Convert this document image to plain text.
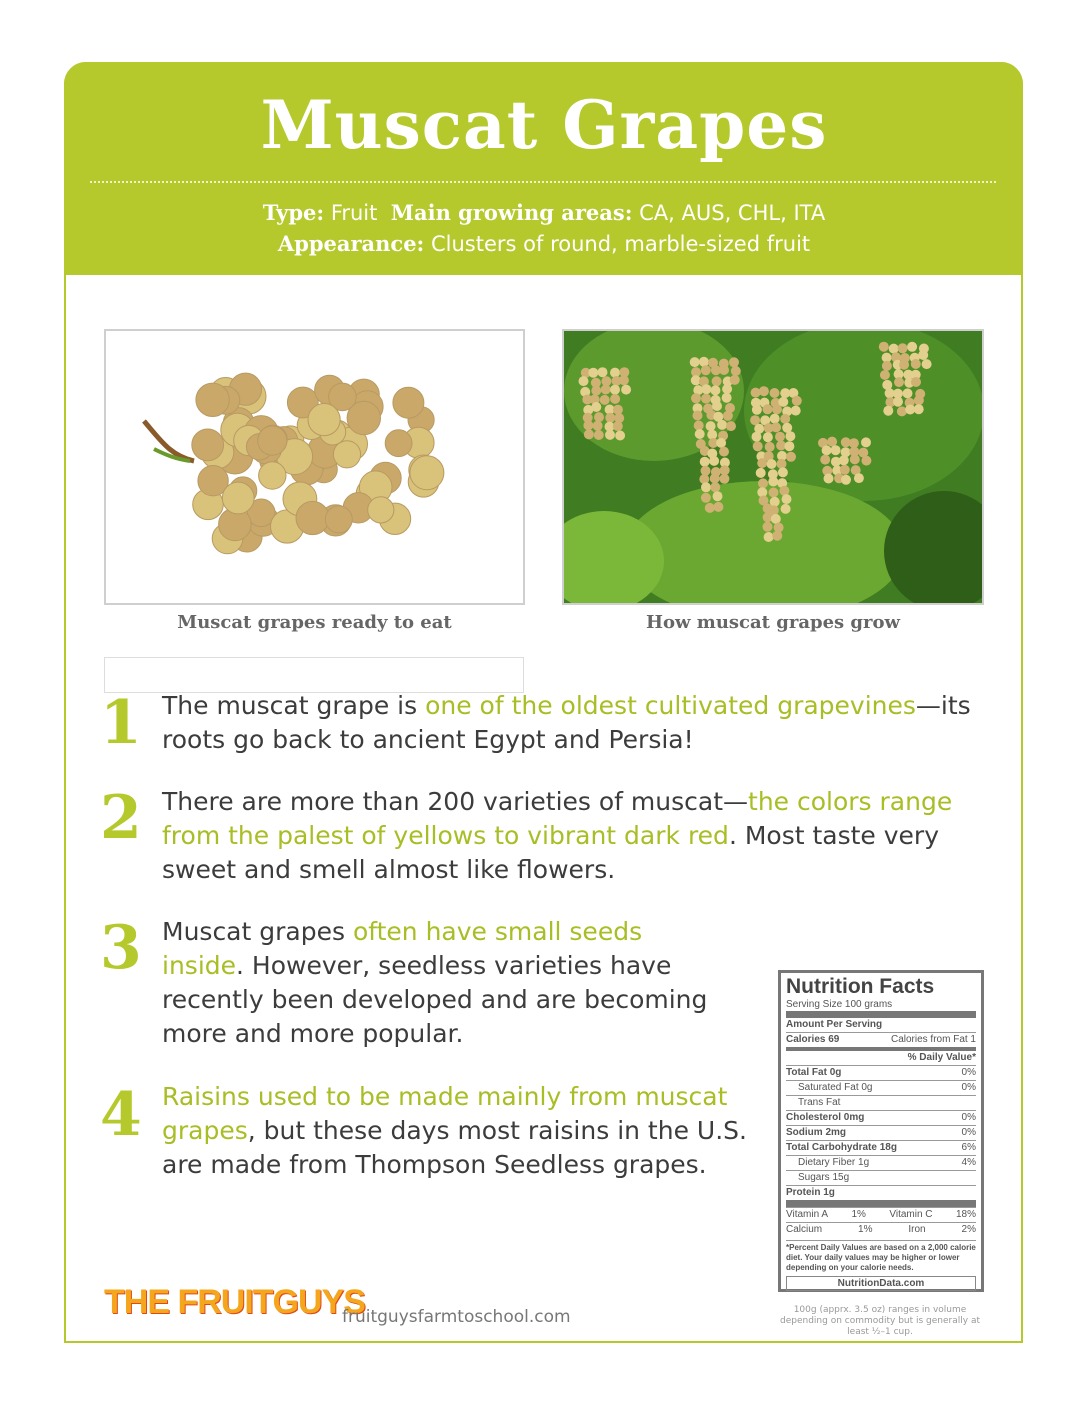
Muscat Grapes
Type: Fruit Main growing areas: CA, AUS, CHL, ITA
Appearance: Clusters of round, marble-sized fruit
Muscat grapes ready to eat	How muscat grapes grow
1 The muscat grape is one of the oldest cultivated grapevines—its roots go back to ancient Egypt and Persia!
2 There are more than 200 varieties of muscat—the colors range from the palest of yellows to vibrant dark red. Most taste very sweet and smell almost like flowers.
3 Muscat grapes often have small seeds inside. However, seedless varieties have recently been developed and are becoming more and more popular.
4 Raisins used to be made mainly from muscat grapes, but these days most raisins in the U.S. are made from Thompson Seedless grapes.
Nutrition Facts
Serving Size 100 grams
Amount Per Serving
Calories 69	Calories from Fat 1
% Daily Value*
Total Fat 0g	0%
Saturated Fat 0g	0%
Trans Fat
Cholesterol 0mg	0%
Sodium 2mg	0%
Total Carbohydrate 18g	6%
Dietary Fiber 1g	4%
Sugars 15g
Protein 1g
Vitamin A 1% Vitamin C 18%
Calcium	1%	Iron	2%
*Percent Daily Values are based on a 2,000 calorie diet. Your daily values may be higher or lower depending on your calorie needs.
NutritionData.com
100g (apprx. 3.5 oz) ranges in volume depending on commodity but is generally at least ½–1 cup.
THE FRUITGUYS
fruitguysfarmtoschool.com
